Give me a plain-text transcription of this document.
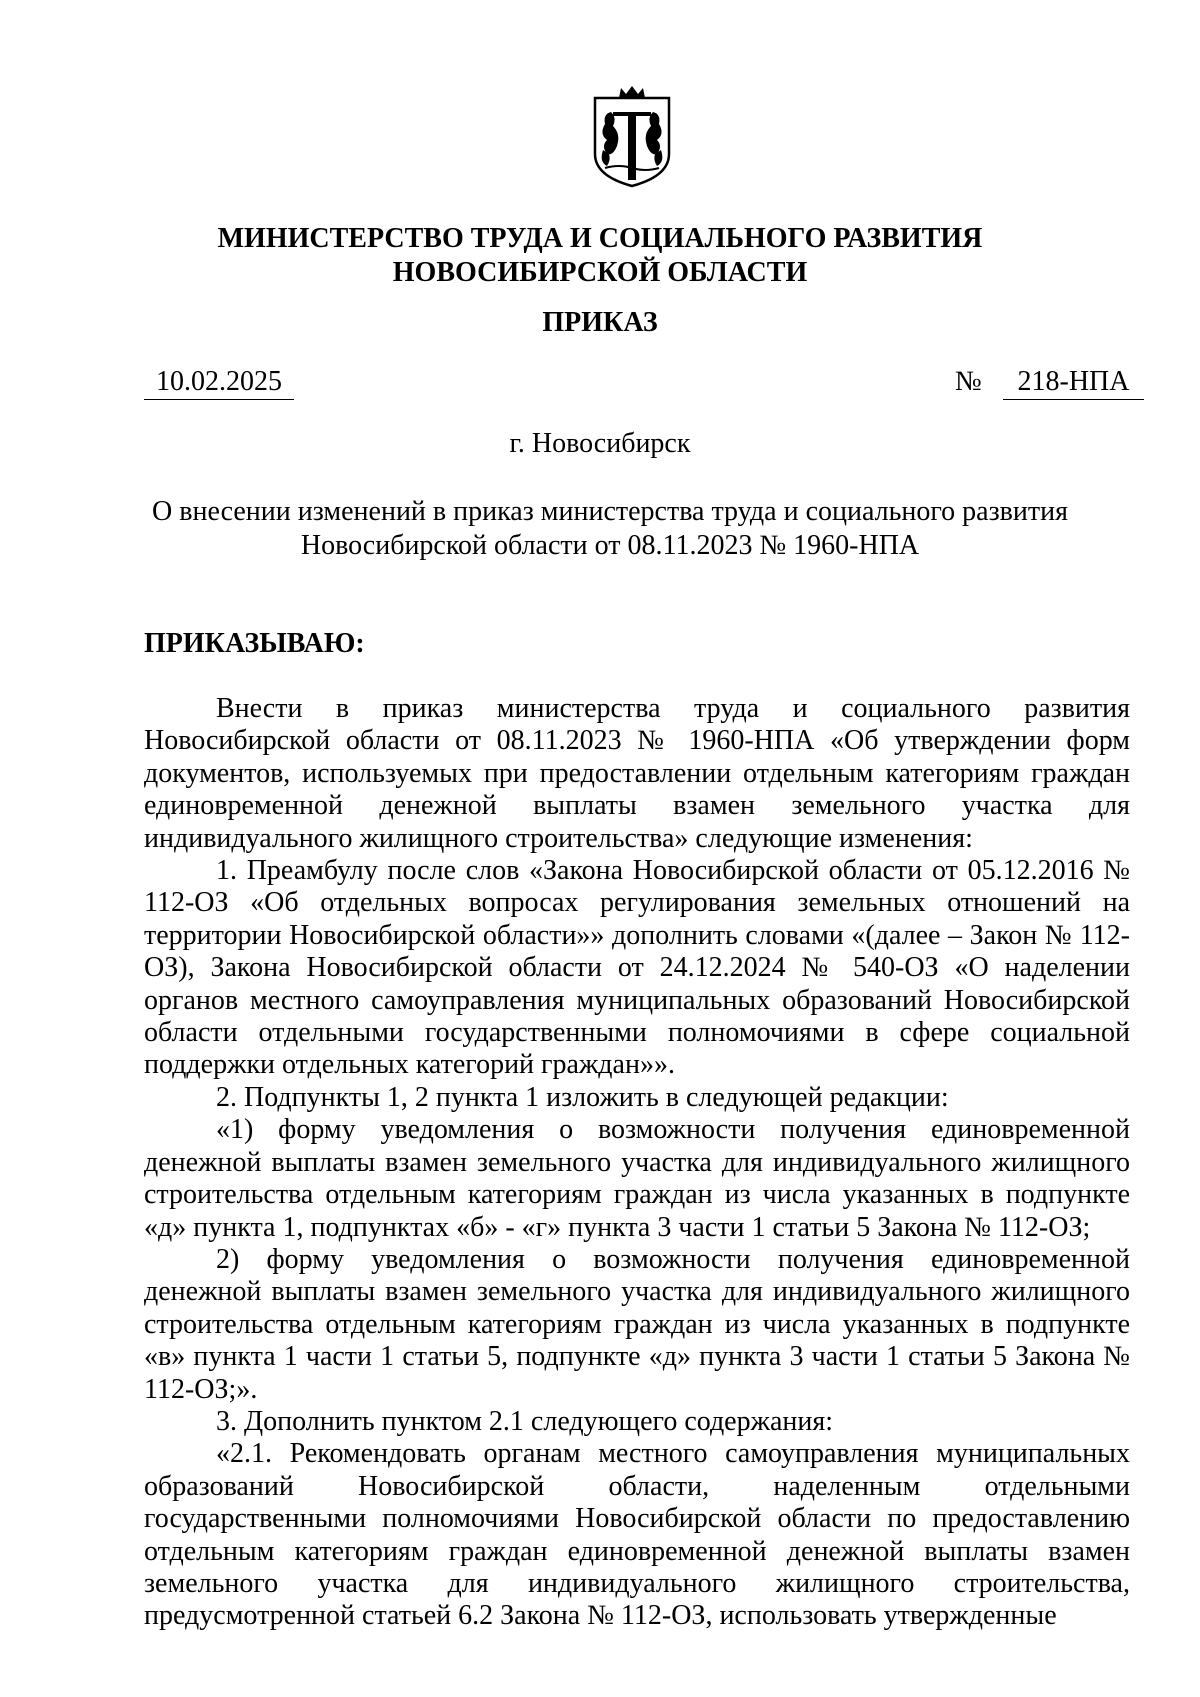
МИНИСТЕРСТВО ТРУДА И СОЦИАЛЬНОГО РАЗВИТИЯ
НОВОСИБИРСКОЙ ОБЛАСТИ
ПРИКАЗ
10.02.2025	№	218-НПА
г. Новосибирск
О внесении изменений в приказ министерства труда и социального развития
Новосибирской области от 08.11.2023 № 1960-НПА
ПРИКАЗЫВАЮ:

Внести в приказ министерства труда и социального развития Новосибирской области от 08.11.2023 № 1960-НПА «Об утверждении форм документов, используемых при предоставлении отдельным категориям граждан единовременной денежной выплаты взамен земельного участка для индивидуального жилищного строительства» следующие изменения:

1. Преамбулу после слов «Закона Новосибирской области от 05.12.2016 № 112-ОЗ «Об отдельных вопросах регулирования земельных отношений на территории Новосибирской области»» дополнить словами «(далее – Закон № 112-ОЗ), Закона Новосибирской области от 24.12.2024 № 540-ОЗ «О наделении органов местного самоуправления муниципальных образований Новосибирской области отдельными государственными полномочиями в сфере социальной поддержки отдельных категорий граждан»».

2. Подпункты 1, 2 пункта 1 изложить в следующей редакции:

«1) форму уведомления о возможности получения единовременной денежной выплаты взамен земельного участка для индивидуального жилищного строительства отдельным категориям граждан из числа указанных в подпункте «д» пункта 1, подпунктах «б» - «г» пункта 3 части 1 статьи 5 Закона № 112-ОЗ;

2) форму уведомления о возможности получения единовременной денежной выплаты взамен земельного участка для индивидуального жилищного строительства отдельным категориям граждан из числа указанных в подпункте «в» пункта 1 части 1 статьи 5, подпункте «д» пункта 3 части 1 статьи 5 Закона № 112-ОЗ;».

3. Дополнить пунктом 2.1 следующего содержания:

«2.1. Рекомендовать органам местного самоуправления муниципальных образований Новосибирской области, наделенным отдельными государственными полномочиями Новосибирской области по предоставлению отдельным категориям граждан единовременной денежной выплаты взамен земельного участка для индивидуального жилищного строительства, предусмотренной статьей 6.2 Закона № 112-ОЗ, использовать утвержденные
